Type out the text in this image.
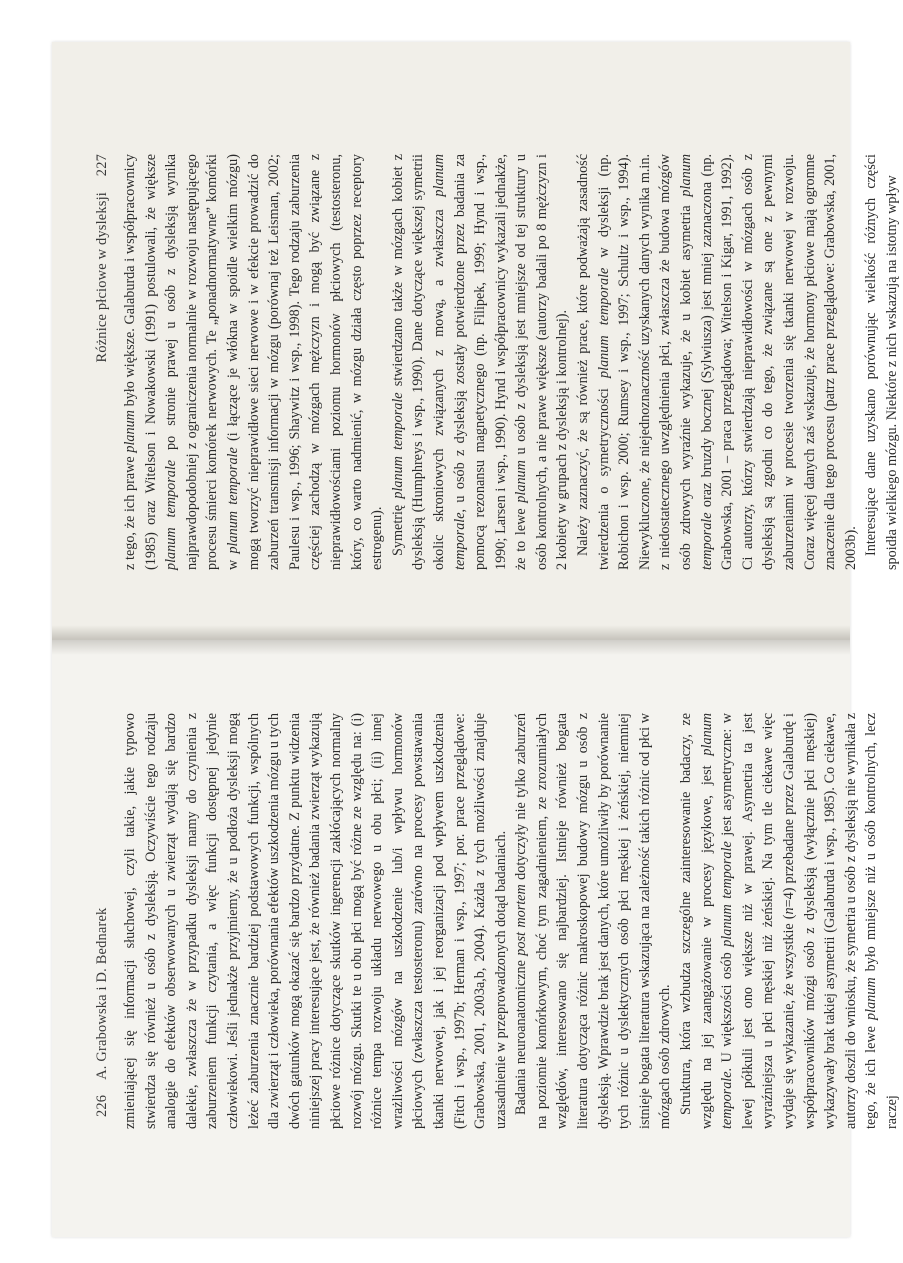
226 A. Grabowska i D. Bednarek zmieniającej się informacji słuchowej, czyli takie, jakie typowo stwierdza się również u osób z dysleksją. Oczywiście tego rodzaju analogie do efektów obserwowanych u zwierząt wydają się bardzo dalekie, zwłaszcza że w przypadku dysleksji mamy do czynienia z zaburzeniem funkcji czytania, a więc funkcji dostępnej jedynie człowiekowi. Jeśli jednakże przyjmiemy, że u podłoża dysleksji mogą leżeć zaburzenia znacznie bardziej podstawowych funkcji, wspólnych dla zwierząt i człowieka, porównania efektów uszkodzenia mózgu u tych dwóch gatunków mogą okazać się bardzo przydatne. Z punktu widzenia niniejszej pracy interesujące jest, że również badania zwierząt wykazują płciowe różnice dotyczące skutków ingerencji zakłócających normalny rozwój mózgu. Skutki te u obu płci mogą być różne ze względu na: (i) różnice tempa rozwoju układu nerwowego u obu płci; (ii) innej wrażliwości mózgów na uszkodzenie lub/i wpływu hormonów płciowych (zwłaszcza testosteronu) zarówno na procesy powstawania tkanki nerwowej, jak i jej reorganizacji pod wpływem uszkodzenia (Fitch i wsp., 1997b; Herman i wsp., 1997; por. prace przeglądowe: Grabowska, 2001, 2003a,b, 2004). Każda z tych możliwości znajduje uzasadnienie w przeprowadzonych dotąd badaniach. Badania neuroanatomiczne post mortem dotyczyły nie tylko zaburzeń na poziomie komórkowym, choć tym zagadnieniem, ze zrozumiałych względów, interesowano się najbardziej. Istnieje również bogata literatura dotycząca różnic makroskopowej budowy mózgu u osób z dysleksją. Wprawdzie brak jest danych, które umożliwiły by porównanie tych różnic u dyslektycznych osób płci męskiej i żeńskiej, niemniej istnieje bogata literatura wskazująca na zależność takich różnic od płci w mózgach osób zdrowych. Struktura, która wzbudza szczególne zainteresowanie badaczy, ze względu na jej zaangażowanie w procesy językowe, jest planum temporale. U większości osób planum temporale jest asymetryczne: w lewej półkuli jest ono większe niż w prawej. Asymetria ta jest wyraźniejsza u płci męskiej niż żeńskiej. Na tym tle ciekawe więc wydaje się wykazanie, że wszystkie (n=4) przebadane przez Galaburdę i współpracowników mózgi osób z dysleksją (wyłącznie płci męskiej) wykazywały brak takiej asymetrii (Galaburda i wsp., 1985). Co ciekawe, autorzy doszli do wniosku, że symetria u osób z dysleksją nie wynikała z tego, że ich lewe planum było mniejsze niż u osób kontrolnych, lecz raczej

Różnice płciowe w dysleksji 227

z tego, że ich prawe planum było większe. Galaburda i współpracownicy (1985) oraz Witelson i Nowakowski (1991) postulowali, że większe planum temporale po stronie prawej u osób z dysleksją wynika najprawdopodobniej z ograniczenia normalnie w rozwoju następującego procesu śmierci komórek nerwowych. Te „ponadnormatywne” komórki w planum temporale (i łączące je włókna w spoidle wielkim mózgu) mogą tworzyć nieprawidłowe sieci nerwowe i w efekcie prowadzić do zaburzeń transmisji informacji w mózgu (porównaj też Leisman, 2002; Paulesu i wsp., 1996; Shaywitz i wsp., 1998). Tego rodzaju zaburzenia częściej zachodzą w mózgach mężczyzn i mogą być związane z nieprawidłowościami poziomu hormonów płciowych (testosteronu, który, co warto nadmienić, w mózgu działa często poprzez receptory estrogenu). Symetrię planum temporale stwierdzano także w mózgach kobiet z dysleksją (Humphreys i wsp., 1990). Dane dotyczące większej symetrii okolic skroniowych związanych z mową, a zwłaszcza planum temporale, u osób z dysleksją zostały potwierdzone przez badania za pomocą rezonansu magnetycznego (np. Filipek, 1999; Hynd i wsp., 1990; Larsen i wsp., 1990). Hynd i współpracownicy wykazali jednakże, że to lewe planum u osób z dysleksją jest mniejsze od tej struktury u osób kontrolnych, a nie prawe większe (autorzy badali po 8 mężczyzn i 2 kobiety w grupach z dysleksją i kontrolnej). Należy zaznaczyć, że są również prace, które podważają zasadność twierdzenia o symetryczności planum temporale w dysleksji (np. Robichon i wsp. 2000; Rumsey i wsp., 1997; Schultz i wsp., 1994). Niewykluczone, że niejednoznaczność uzyskanych danych wynika m.in. z niedostatecznego uwzględnienia płci, zwłaszcza że budowa mózgów osób zdrowych wyraźnie wykazuje, że u kobiet asymetria planum temporale oraz bruzdy bocznej (Sylwiusza) jest mniej zaznaczona (np. Grabowska, 2001 – praca przeglądowa; Witelson i Kigar, 1991, 1992). Ci autorzy, którzy stwierdzają nieprawidłowości w mózgach osób z dysleksją są zgodni co do tego, że związane są one z pewnymi zaburzeniami w procesie tworzenia się tkanki nerwowej w rozwoju. Coraz więcej danych zaś wskazuje, że hormony płciowe mają ogromne znaczenie dla tego procesu (patrz prace przeglądowe: Grabowska, 2001, 2003b). Interesujące dane uzyskano porównując wielkość różnych części spoidła wielkiego mózgu. Niektóre z nich wskazują na istotny wpływ
